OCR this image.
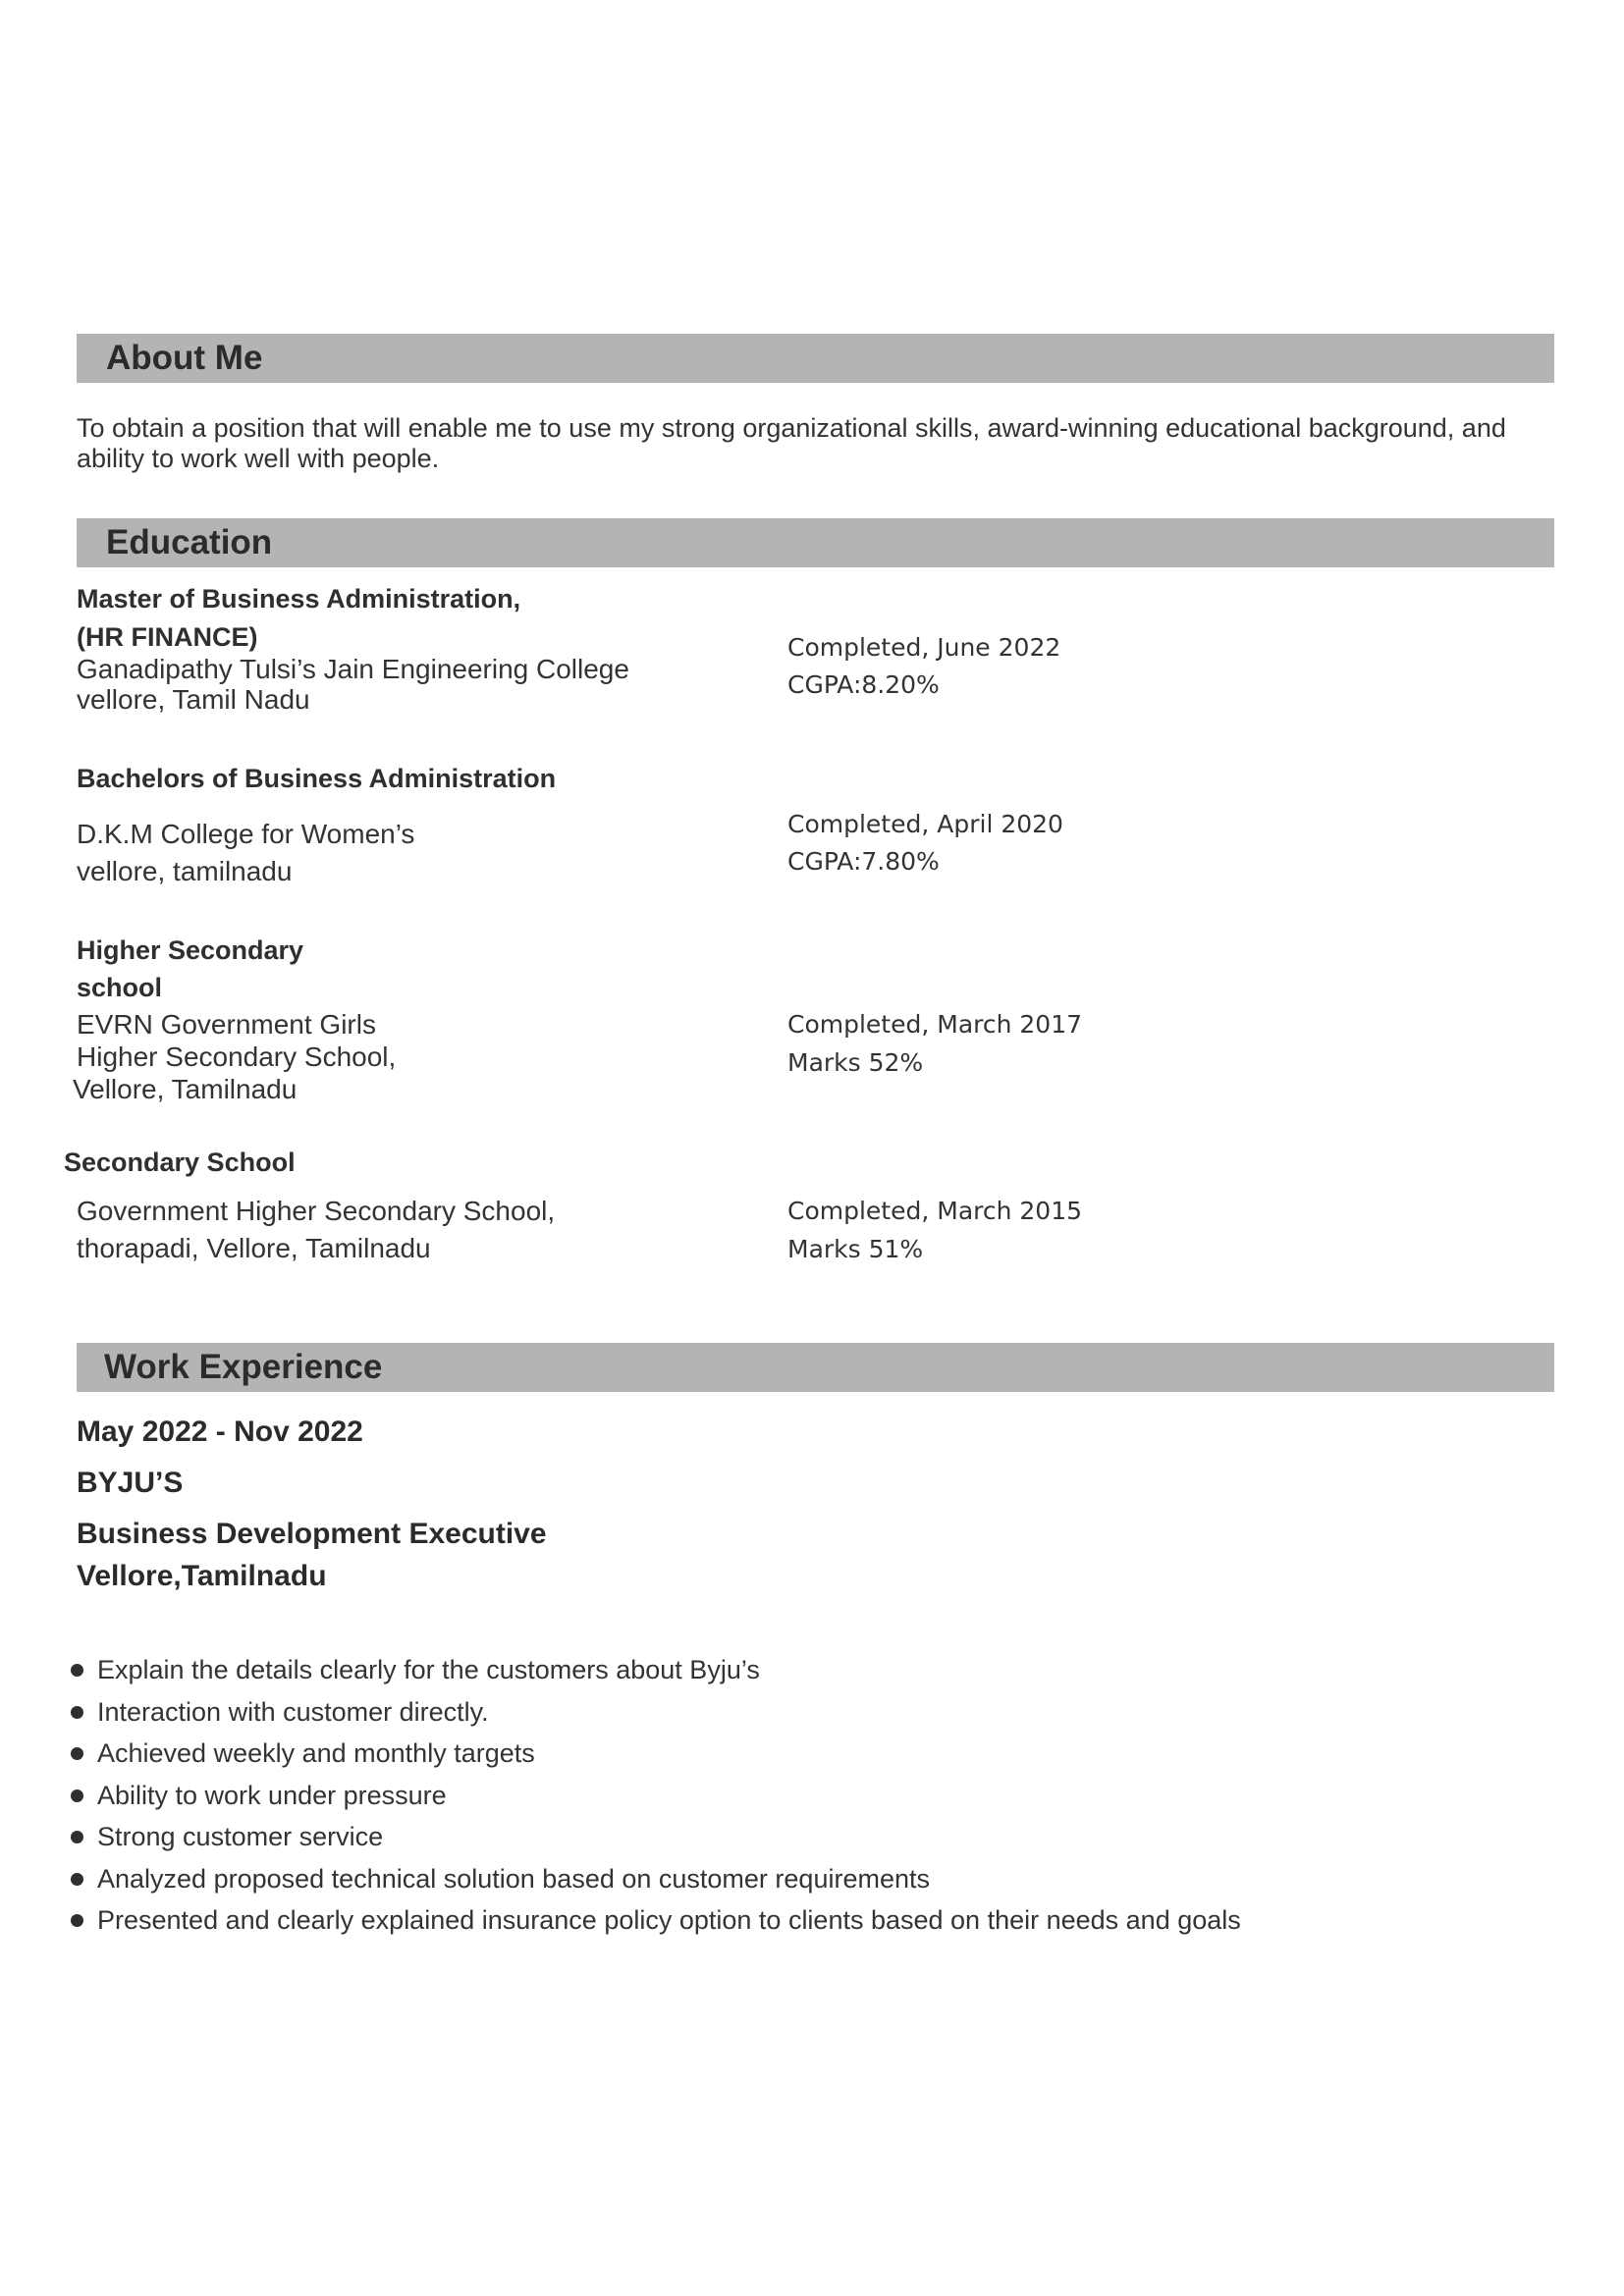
About Me
To obtain a position that will enable me to use my strong organizational skills, award-winning educational background, and ability to work well with people.
Education
Master of Business Administration,
(HR FINANCE)
Ganadipathy Tulsi’s Jain Engineering College
vellore, Tamil Nadu
Completed, June 2022
CGPA:8.20%
Bachelors of Business Administration
D.K.M College for Women’s
vellore, tamilnadu
Completed, April 2020
CGPA:7.80%
Higher Secondary
school
EVRN Government Girls
Higher Secondary School,
Vellore, Tamilnadu
Completed, March 2017
Marks 52%
Secondary School
Government Higher Secondary School,
thorapadi, Vellore, Tamilnadu
Completed, March 2015
Marks 51%
Work Experience
May 2022 - Nov 2022
BYJU’S
Business Development Executive
Vellore,Tamilnadu
Explain the details clearly for the customers about Byju’s
Interaction with customer directly.
Achieved weekly and monthly targets
Ability to work under pressure
Strong customer service
Analyzed proposed technical solution based on customer requirements
Presented and clearly explained insurance policy option to clients based on their needs and goals
